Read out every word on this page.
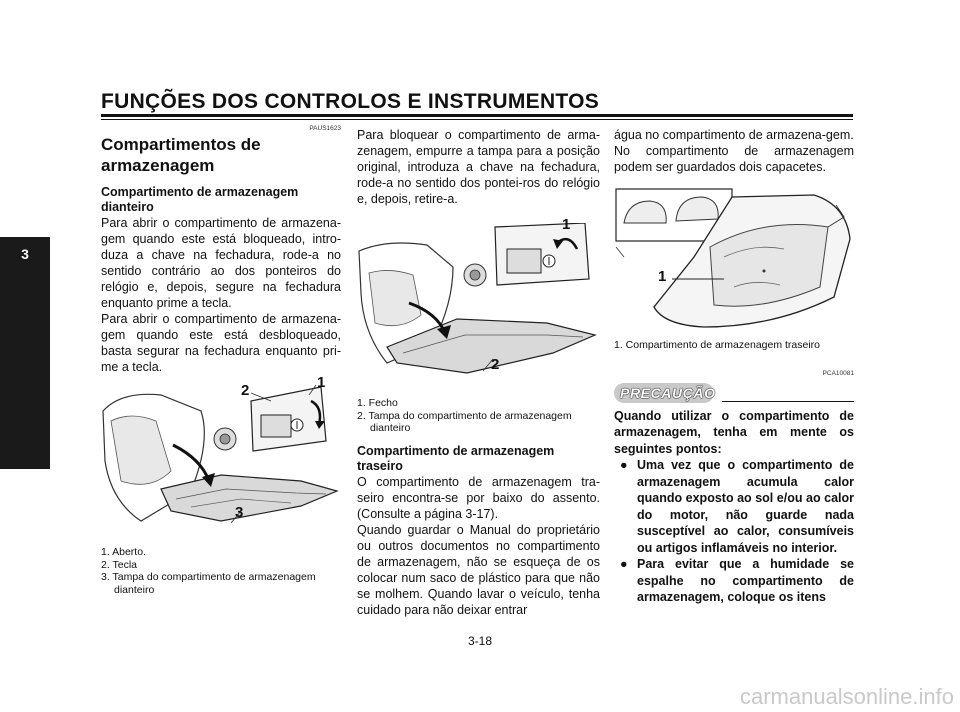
FUNÇÕES DOS CONTROLOS E INSTRUMENTOS
3
PAUS1623
Compartimentos de armazenagem
Compartimento de armazenagem dianteiro

Para abrir o compartimento de armazena-gem quando este está bloqueado, intro-duza a chave na fechadura, rode-a no sentido contrário ao dos ponteiros do relógio e, depois, segure na fechadura enquanto prime a tecla.

Para abrir o compartimento de armazena-gem quando este está desbloqueado, basta segurar na fechadura enquanto pri-me a tecla.

2	1
3
1. Aberto.
2. Tecla
3. Tampa do compartimento de armazenagem dianteiro

Para bloquear o compartimento de arma-zenagem, empurre a tampa para a posição original, introduza a chave na fechadura, rode-a no sentido dos pontei-ros do relógio e, depois, retire-a.

1
2
1. Fecho
2. Tampa do compartimento de armazenagem dianteiro
Compartimento de armazenagem traseiro

O compartimento de armazenagem tra-seiro encontra-se por baixo do assento. (Consulte a página 3-17).

Quando guardar o Manual do proprietário ou outros documentos no compartimento de armazenagem, não se esqueça de os colocar num saco de plástico para que não se molhem. Quando lavar o veículo, tenha cuidado para não deixar entrar

água no compartimento de armazena-gem.

No compartimento de armazenagem podem ser guardados dois capacetes.

1
1. Compartimento de armazenagem traseiro
PCA10081
PRECAUÇÃO
Quando utilizar o compartimento de armazenagem, tenha em mente os seguintes pontos:
● Uma vez que o compartimento de armazenagem acumula calor quando exposto ao sol e/ou ao calor do motor, não guarde nada susceptível ao calor, consumíveis ou artigos inflamáveis no interior.
● Para evitar que a humidade se espalhe no compartimento de armazenagem, coloque os itens
3-18
carmanualsonline.info
